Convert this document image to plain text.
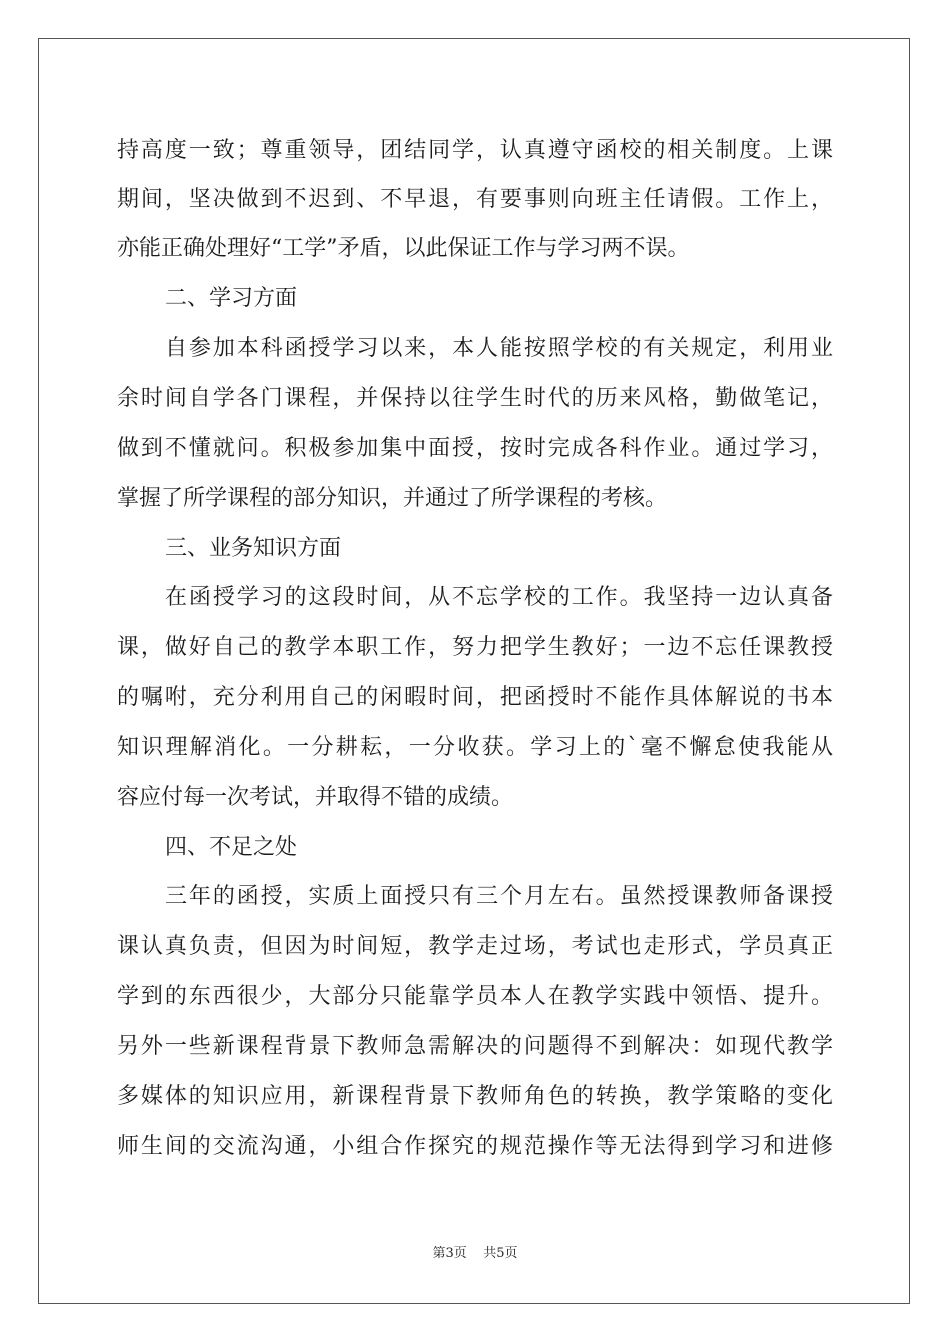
持高度一致；尊重领导，团结同学，认真遵守函校的相关制度。上课
期间，坚决做到不迟到、不早退，有要事则向班主任请假。工作上，
亦能正确处理好“工学”矛盾，以此保证工作与学习两不误。
二、学习方面
自参加本科函授学习以来，本人能按照学校的有关规定，利用业
余时间自学各门课程，并保持以往学生时代的历来风格，勤做笔记，
做到不懂就问。积极参加集中面授，按时完成各科作业。通过学习，
掌握了所学课程的部分知识，并通过了所学课程的考核。
三、业务知识方面
在函授学习的这段时间，从不忘学校的工作。我坚持一边认真备
课，做好自己的教学本职工作，努力把学生教好；一边不忘任课教授
的嘱咐，充分利用自己的闲暇时间，把函授时不能作具体解说的书本
知识理解消化。一分耕耘，一分收获。学习上的`毫不懈怠使我能从
容应付每一次考试，并取得不错的成绩。
四、不足之处
三年的函授，实质上面授只有三个月左右。虽然授课教师备课授
课认真负责，但因为时间短，教学走过场，考试也走形式，学员真正
学到的东西很少，大部分只能靠学员本人在教学实践中领悟、提升。
另外一些新课程背景下教师急需解决的问题得不到解决：如现代教学
多媒体的知识应用，新课程背景下教师角色的转换，教学策略的变化
师生间的交流沟通，小组合作探究的规范操作等无法得到学习和进修
第3页 共5页
